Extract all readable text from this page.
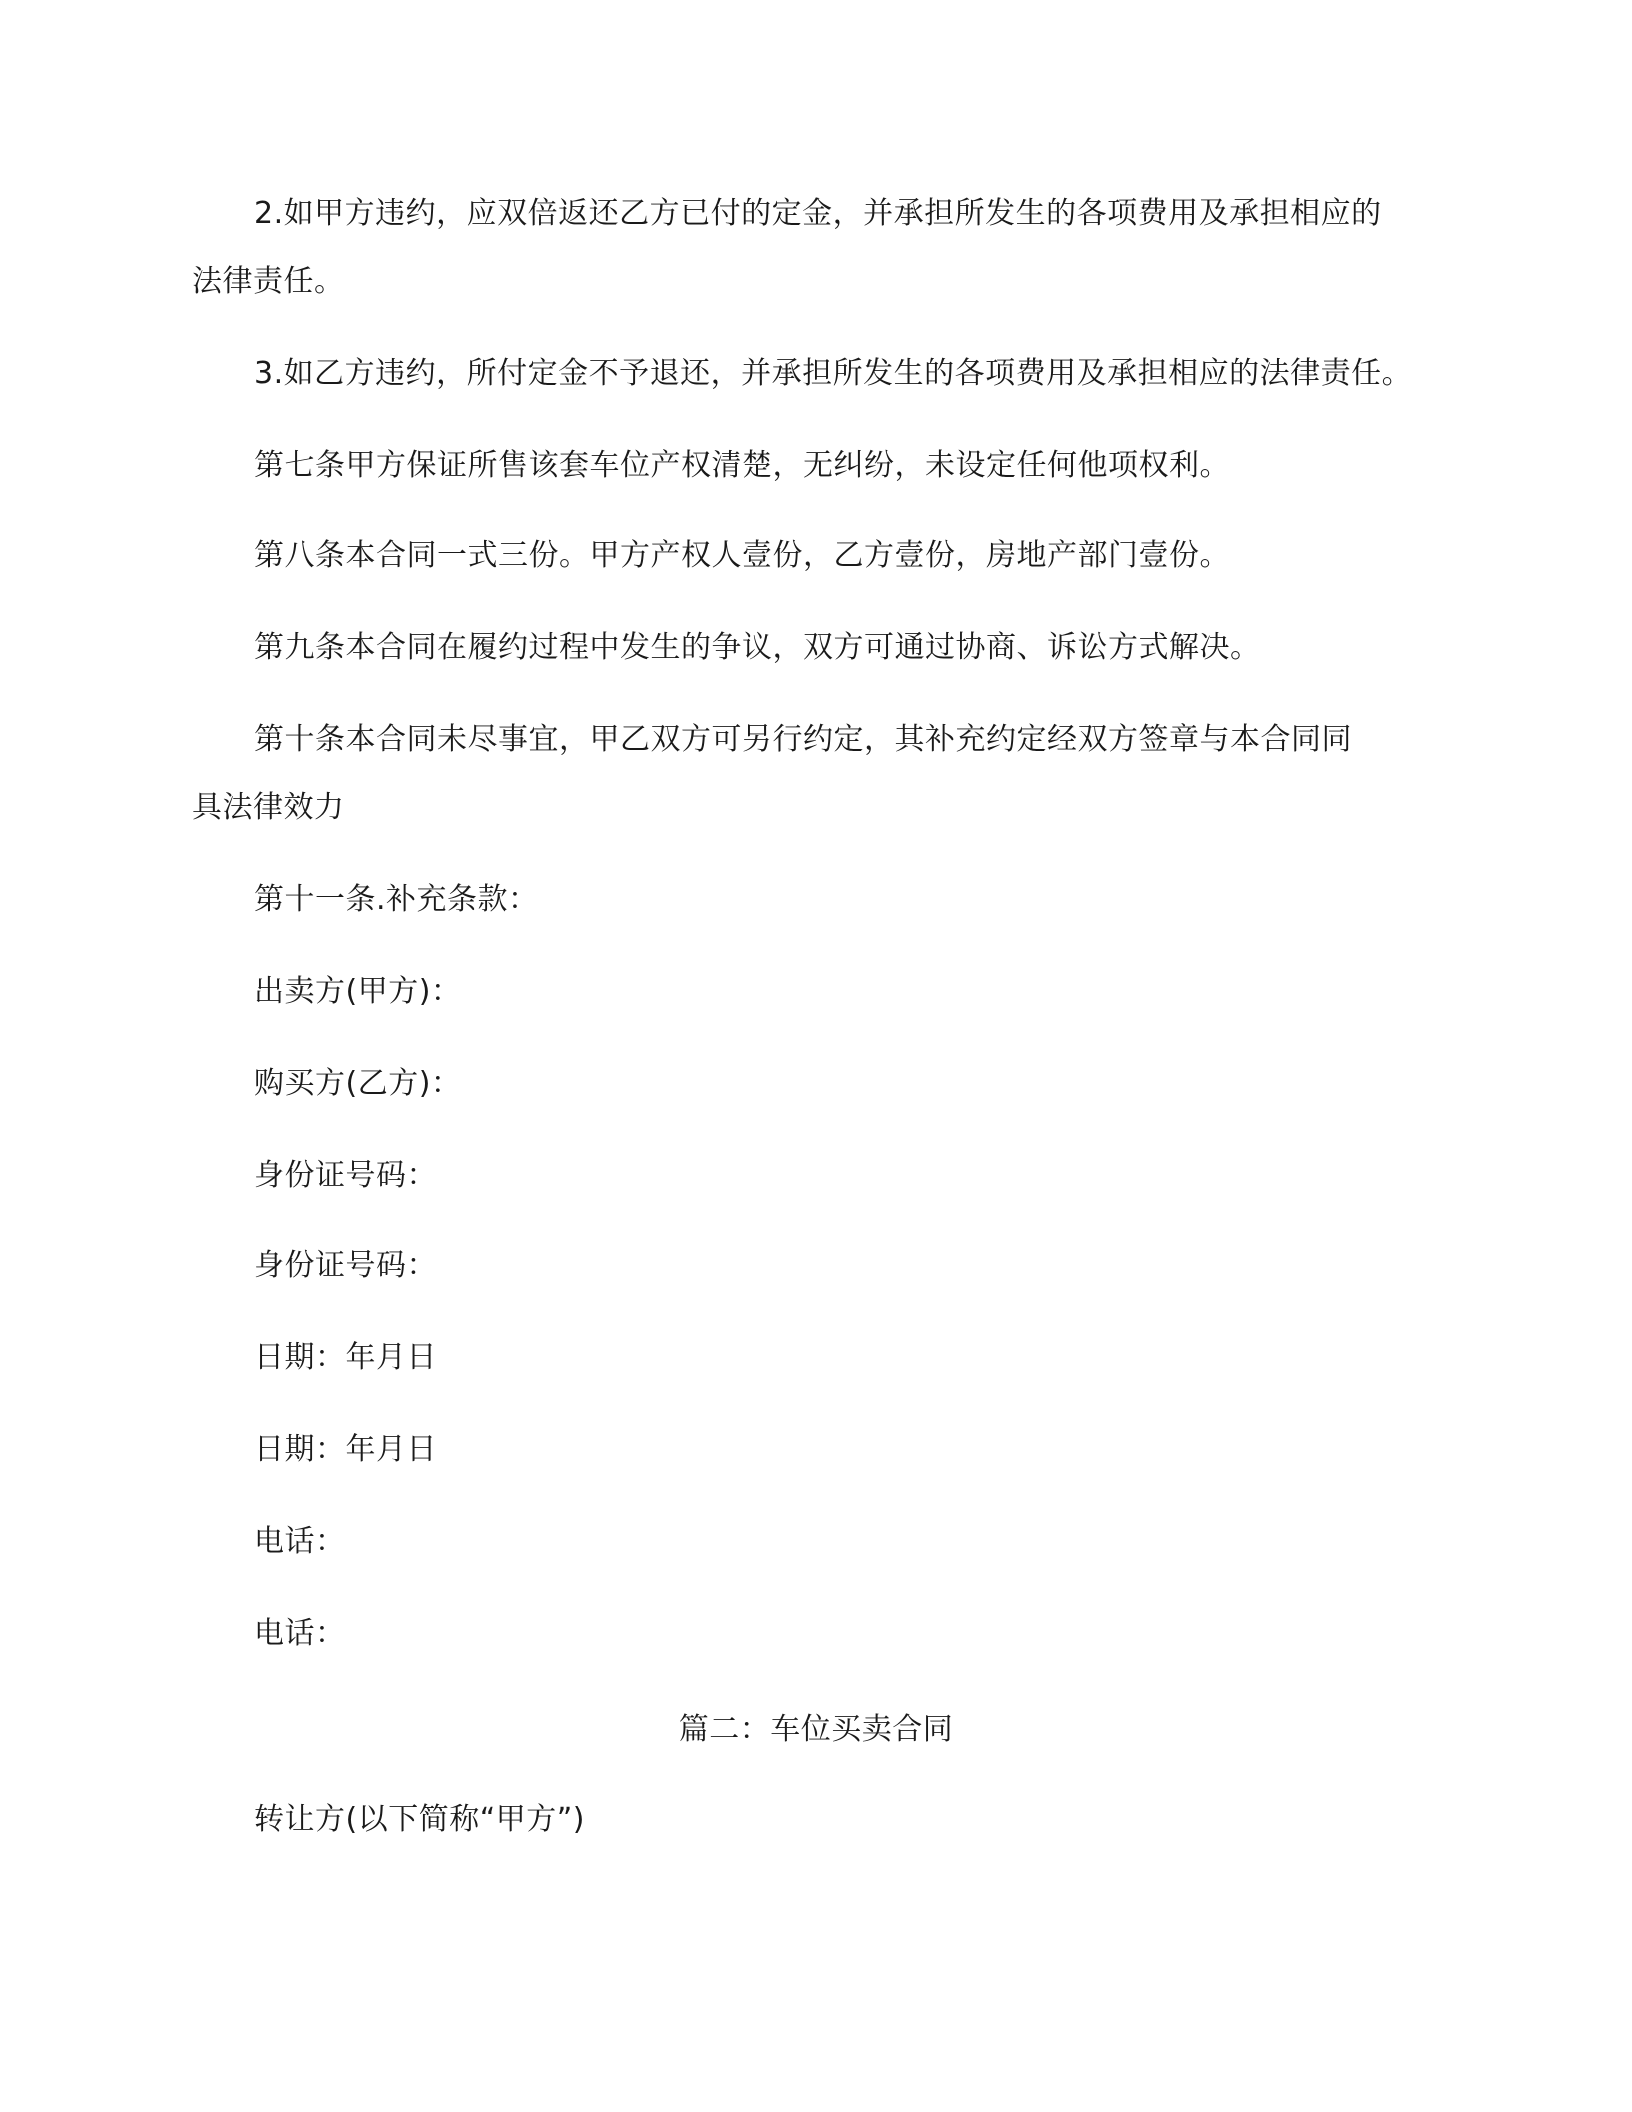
2.如甲方违约，应双倍返还乙方已付的定金，并承担所发生的各项费用及承担相应的
法律责任。
3.如乙方违约，所付定金不予退还，并承担所发生的各项费用及承担相应的法律责任。
第七条甲方保证所售该套车位产权清楚，无纠纷，未设定任何他项权利。
第八条本合同一式三份。甲方产权人壹份，乙方壹份，房地产部门壹份。
第九条本合同在履约过程中发生的争议，双方可通过协商、诉讼方式解决。
第十条本合同未尽事宜，甲乙双方可另行约定，其补充约定经双方签章与本合同同
具法律效力
第十一条.补充条款：
出卖方(甲方)：
购买方(乙方)：
身份证号码：
身份证号码：
日期：年月日
日期：年月日
电话：
电话：
篇二：车位买卖合同
转让方(以下简称“甲方”)
